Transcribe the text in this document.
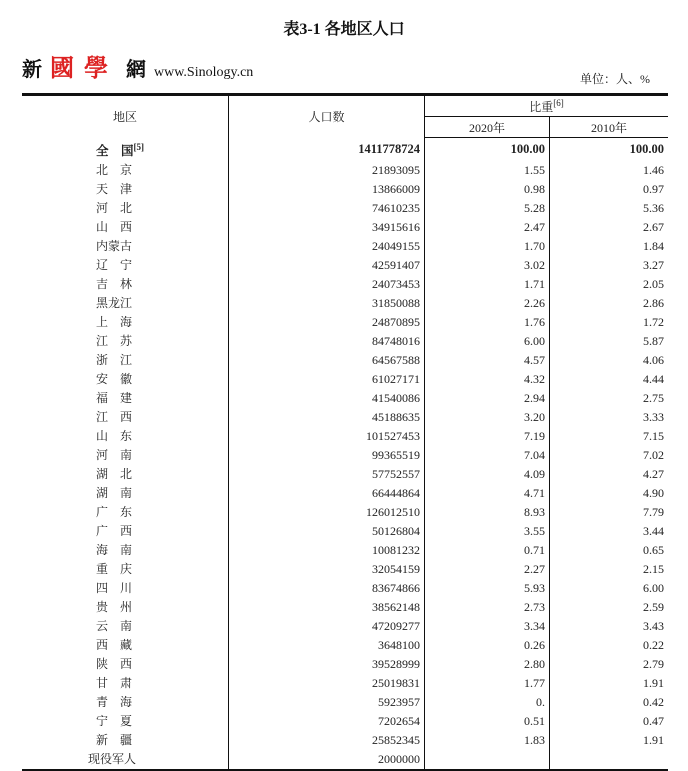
表3-1 各地区人口
单位：人、%
新 國學 網 www.Sinology.cn
地区	人口数	比重[6]
		2020年	2010年
全　国[5]	1411778724	100.00	100.00
北　京	21893095	1.55	1.46
天　津	13866009	0.98	0.97
河　北	74610235	5.28	5.36
山　西	34915616	2.47	2.67
内蒙古	24049155	1.70	1.84
辽　宁	42591407	3.02	3.27
吉　林	24073453	1.71	2.05
黑龙江	31850088	2.26	2.86
上　海	24870895	1.76	1.72
江　苏	84748016	6.00	5.87
浙　江	64567588	4.57	4.06
安　徽	61027171	4.32	4.44
福　建	41540086	2.94	2.75
江　西	45188635	3.20	3.33
山　东	101527453	7.19	7.15
河　南	99365519	7.04	7.02
湖　北	57752557	4.09	4.27
湖　南	66444864	4.71	4.90
广　东	126012510	8.93	7.79
广　西	50126804	3.55	3.44
海　南	10081232	0.71	0.65
重　庆	32054159	2.27	2.15
四　川	83674866	5.93	6.00
贵　州	38562148	2.73	2.59
云　南	47209277	3.34	3.43
西　藏	3648100	0.26	0.22
陕　西	39528999	2.80	2.79
甘　肃	25019831	1.77	1.91
青　海	5923957	0.	0.42
宁　夏	7202654	0.51	0.47
新　疆	25852345	1.83	1.91
现役军人	2000000		
